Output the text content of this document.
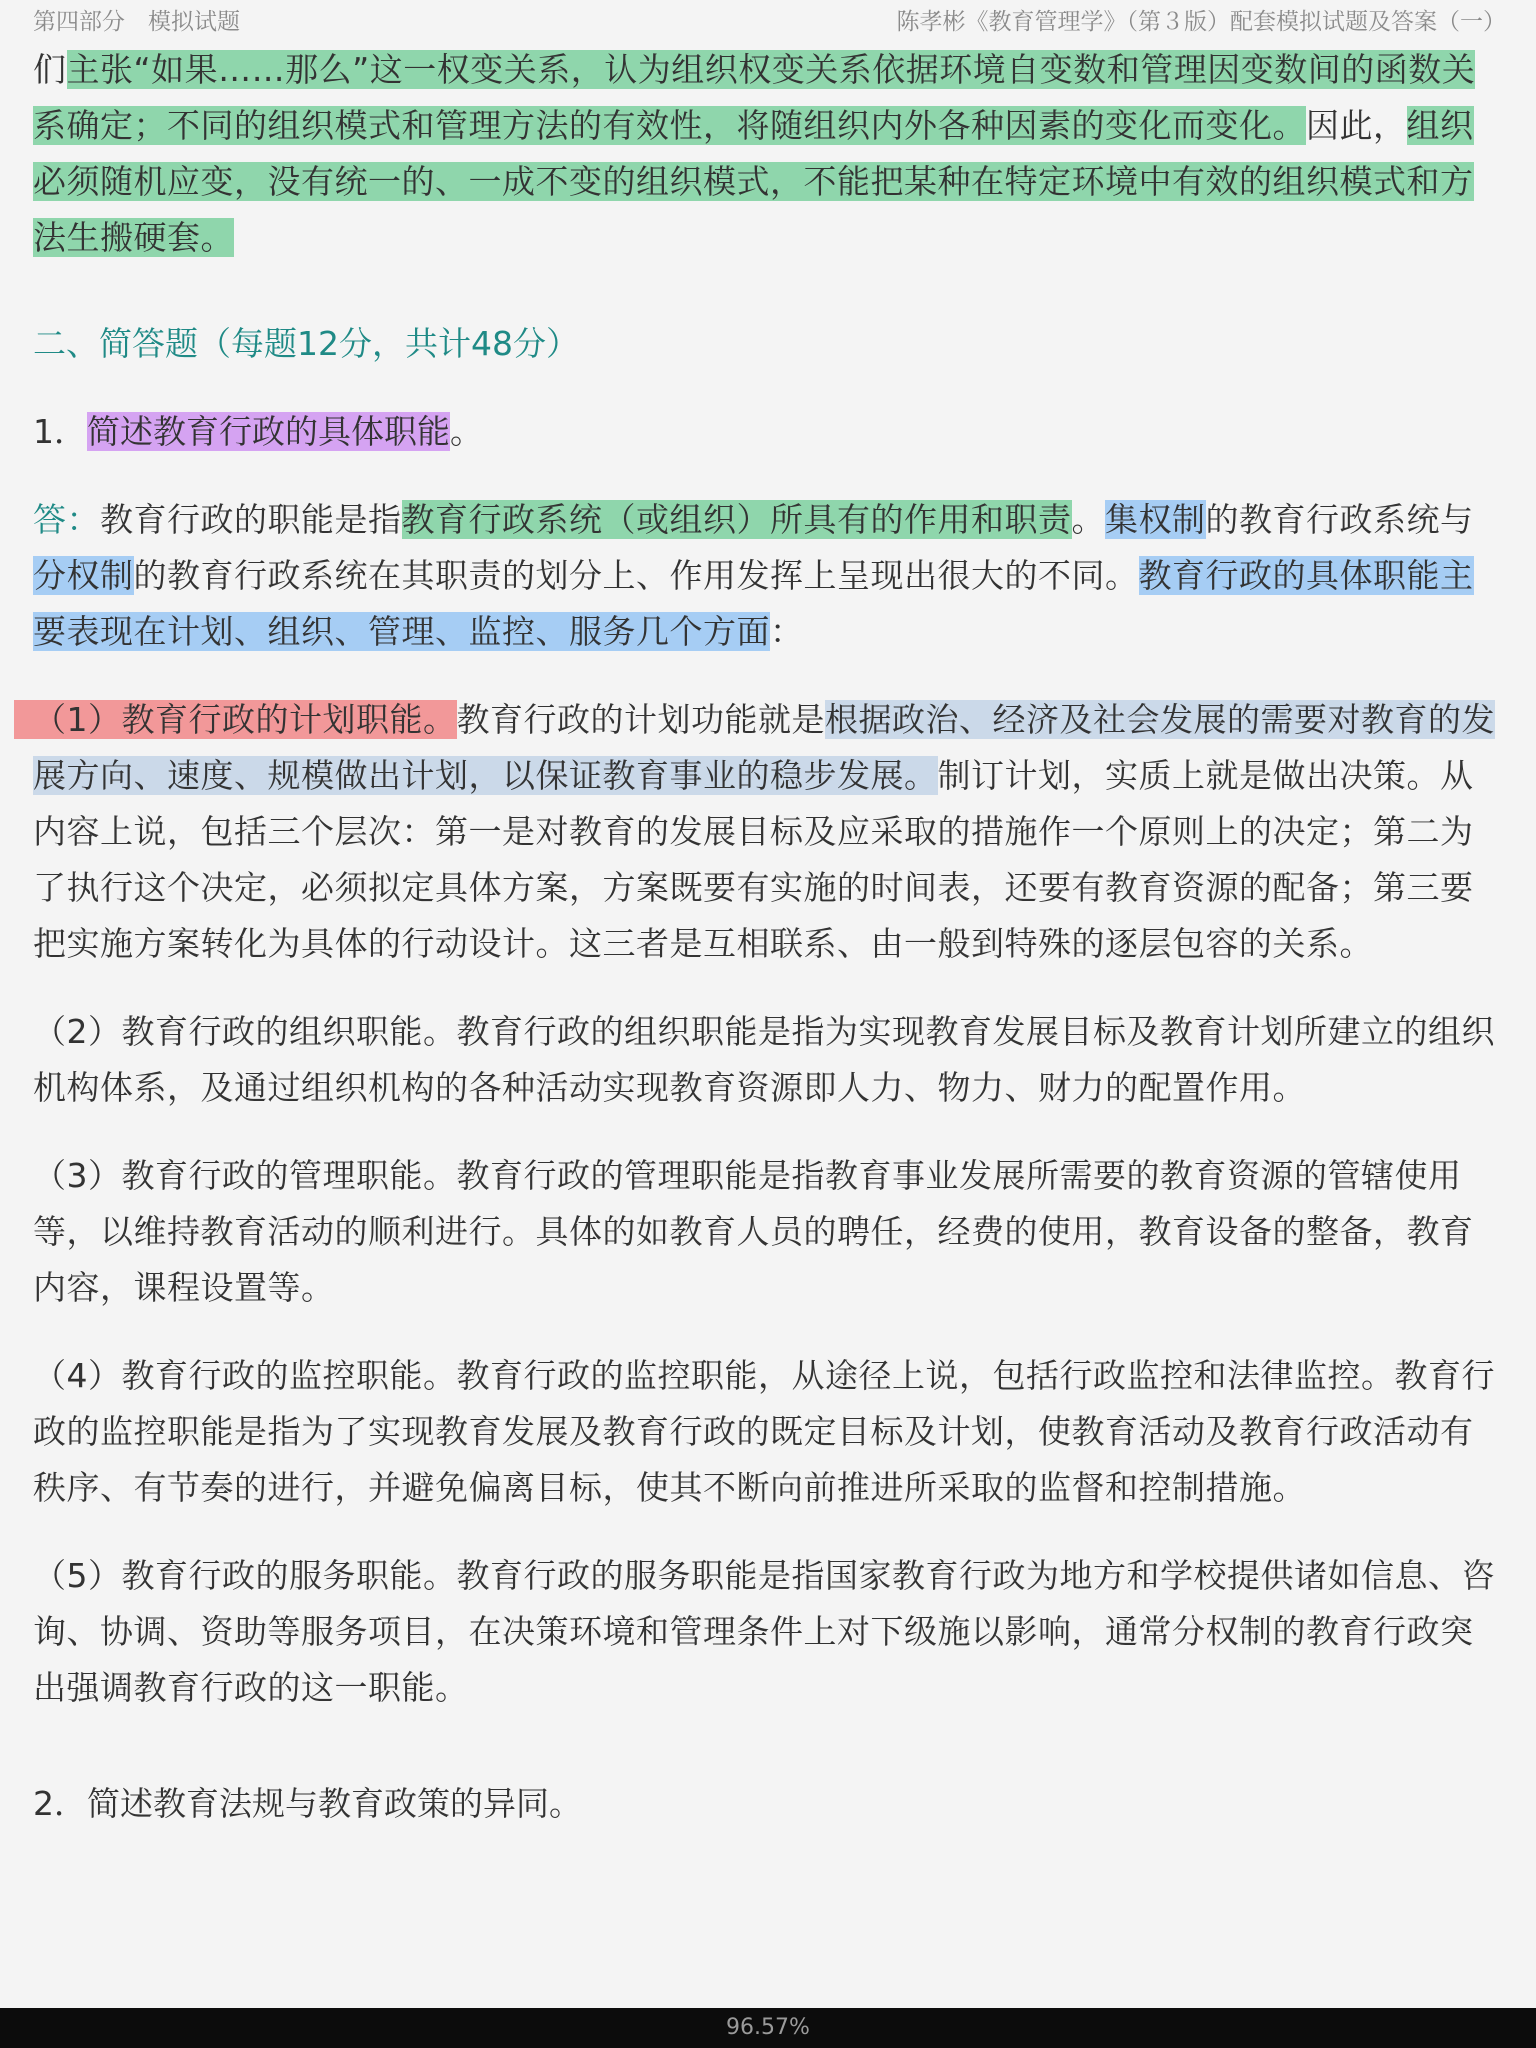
第四部分　模拟试题	陈孝彬《教育管理学》（第３版）配套模拟试题及答案（一）

们主张“如果……那么”这一权变关系，认为组织权变关系依据环境自变数和管理因变数间的函数关系确定；不同的组织模式和管理方法的有效性，将随组织内外各种因素的变化而变化。因此，组织必须随机应变，没有统一的、一成不变的组织模式，不能把某种在特定环境中有效的组织模式和方法生搬硬套。

二、简答题（每题12分，共计48分）

1．简述教育行政的具体职能。

答：教育行政的职能是指教育行政系统（或组织）所具有的作用和职责。集权制的教育行政系统与分权制的教育行政系统在其职责的划分上、作用发挥上呈现出很大的不同。教育行政的具体职能主要表现在计划、组织、管理、监控、服务几个方面：

（1）教育行政的计划职能。教育行政的计划功能就是根据政治、经济及社会发展的需要对教育的发展方向、速度、规模做出计划，以保证教育事业的稳步发展。制订计划，实质上就是做出决策。从内容上说，包括三个层次：第一是对教育的发展目标及应采取的措施作一个原则上的决定；第二为了执行这个决定，必须拟定具体方案，方案既要有实施的时间表，还要有教育资源的配备；第三要把实施方案转化为具体的行动设计。这三者是互相联系、由一般到特殊的逐层包容的关系。

（2）教育行政的组织职能。教育行政的组织职能是指为实现教育发展目标及教育计划所建立的组织机构体系，及通过组织机构的各种活动实现教育资源即人力、物力、财力的配置作用。

（3）教育行政的管理职能。教育行政的管理职能是指教育事业发展所需要的教育资源的管辖使用等，以维持教育活动的顺利进行。具体的如教育人员的聘任，经费的使用，教育设备的整备，教育内容，课程设置等。

（4）教育行政的监控职能。教育行政的监控职能，从途径上说，包括行政监控和法律监控。教育行政的监控职能是指为了实现教育发展及教育行政的既定目标及计划，使教育活动及教育行政活动有秩序、有节奏的进行，并避免偏离目标，使其不断向前推进所采取的监督和控制措施。

（5）教育行政的服务职能。教育行政的服务职能是指国家教育行政为地方和学校提供诸如信息、咨询、协调、资助等服务项目，在决策环境和管理条件上对下级施以影响，通常分权制的教育行政突出强调教育行政的这一职能。

2．简述教育法规与教育政策的异同。

96.57%
